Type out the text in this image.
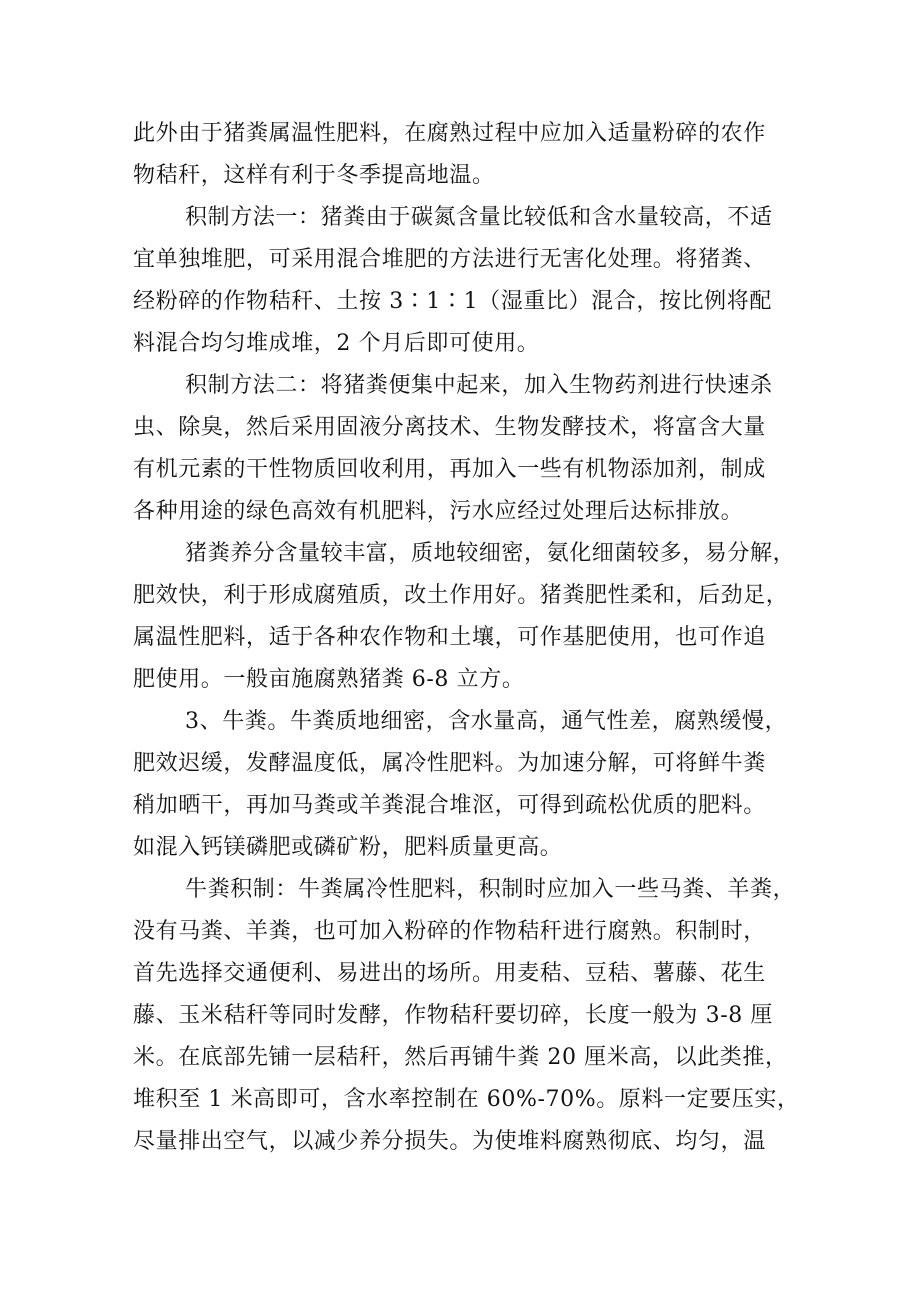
此外由于猪粪属温性肥料，在腐熟过程中应加入适量粉碎的农作
物秸秆，这样有利于冬季提高地温。
积制方法一：猪粪由于碳氮含量比较低和含水量较高，不适
宜单独堆肥，可采用混合堆肥的方法进行无害化处理。将猪粪、
经粉碎的作物秸秆、土按 3∶1∶1（湿重比）混合，按比例将配
料混合均匀堆成堆，2 个月后即可使用。
积制方法二：将猪粪便集中起来，加入生物药剂进行快速杀
虫、除臭，然后采用固液分离技术、生物发酵技术，将富含大量
有机元素的干性物质回收利用，再加入一些有机物添加剂，制成
各种用途的绿色高效有机肥料，污水应经过处理后达标排放。
猪粪养分含量较丰富，质地较细密，氨化细菌较多，易分解，
肥效快，利于形成腐殖质，改土作用好。猪粪肥性柔和，后劲足，
属温性肥料，适于各种农作物和土壤，可作基肥使用，也可作追
肥使用。一般亩施腐熟猪粪 6-8 立方。
3、牛粪。牛粪质地细密，含水量高，通气性差，腐熟缓慢，
肥效迟缓，发酵温度低，属冷性肥料。为加速分解，可将鲜牛粪
稍加晒干，再加马粪或羊粪混合堆沤，可得到疏松优质的肥料。
如混入钙镁磷肥或磷矿粉，肥料质量更高。
牛粪积制：牛粪属冷性肥料，积制时应加入一些马粪、羊粪，
没有马粪、羊粪，也可加入粉碎的作物秸秆进行腐熟。积制时，
首先选择交通便利、易进出的场所。用麦秸、豆秸、薯藤、花生
藤、玉米秸秆等同时发酵，作物秸秆要切碎，长度一般为 3-8 厘
米。在底部先铺一层秸秆，然后再铺牛粪 20 厘米高，以此类推，
堆积至 1 米高即可，含水率控制在 60%-70%。原料一定要压实，
尽量排出空气，以减少养分损失。为使堆料腐熟彻底、均匀，温
